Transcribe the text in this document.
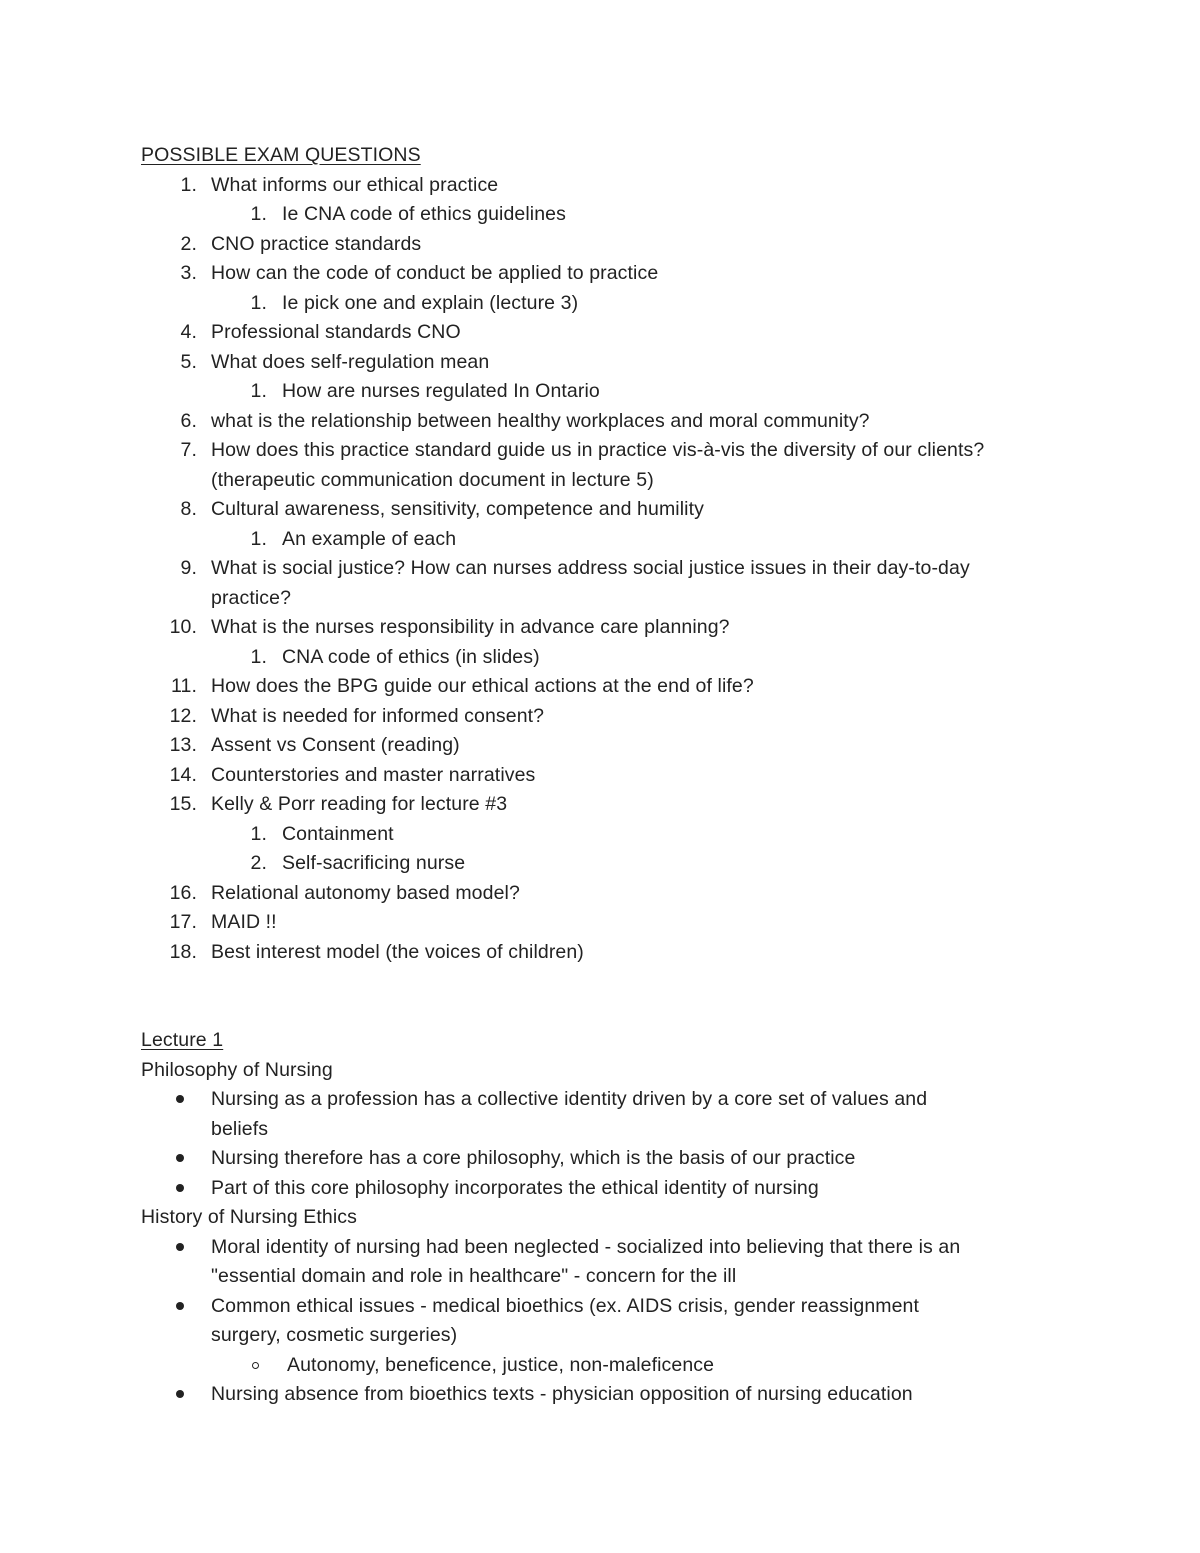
POSSIBLE EXAM QUESTIONS
1. What informs our ethical practice
1. Ie CNA code of ethics guidelines
2. CNO practice standards
3. How can the code of conduct be applied to practice
1. Ie pick one and explain (lecture 3)
4. Professional standards CNO
5. What does self-regulation mean
1. How are nurses regulated In Ontario
6. what is the relationship between healthy workplaces and moral community?
7. How does this practice standard guide us in practice vis-à-vis the diversity of our clients?
(therapeutic communication document in lecture 5)
8. Cultural awareness, sensitivity, competence and humility
1. An example of each
9. What is social justice? How can nurses address social justice issues in their day-to-day
practice?
10. What is the nurses responsibility in advance care planning?
1. CNA code of ethics (in slides)
11. How does the BPG guide our ethical actions at the end of life?
12. What is needed for informed consent?
13. Assent vs Consent (reading)
14. Counterstories and master narratives
15. Kelly & Porr reading for lecture #3
1. Containment
2. Self-sacrificing nurse
16. Relational autonomy based model?
17. MAID !!
18. Best interest model (the voices of children)
Lecture 1
Philosophy of Nursing
Nursing as a profession has a collective identity driven by a core set of values and
beliefs
Nursing therefore has a core philosophy, which is the basis of our practice
Part of this core philosophy incorporates the ethical identity of nursing
History of Nursing Ethics
Moral identity of nursing had been neglected - socialized into believing that there is an
"essential domain and role in healthcare" - concern for the ill
Common ethical issues - medical bioethics (ex. AIDS crisis, gender reassignment
surgery, cosmetic surgeries)
Autonomy, beneficence, justice, non-maleficence
Nursing absence from bioethics texts - physician opposition of nursing education
